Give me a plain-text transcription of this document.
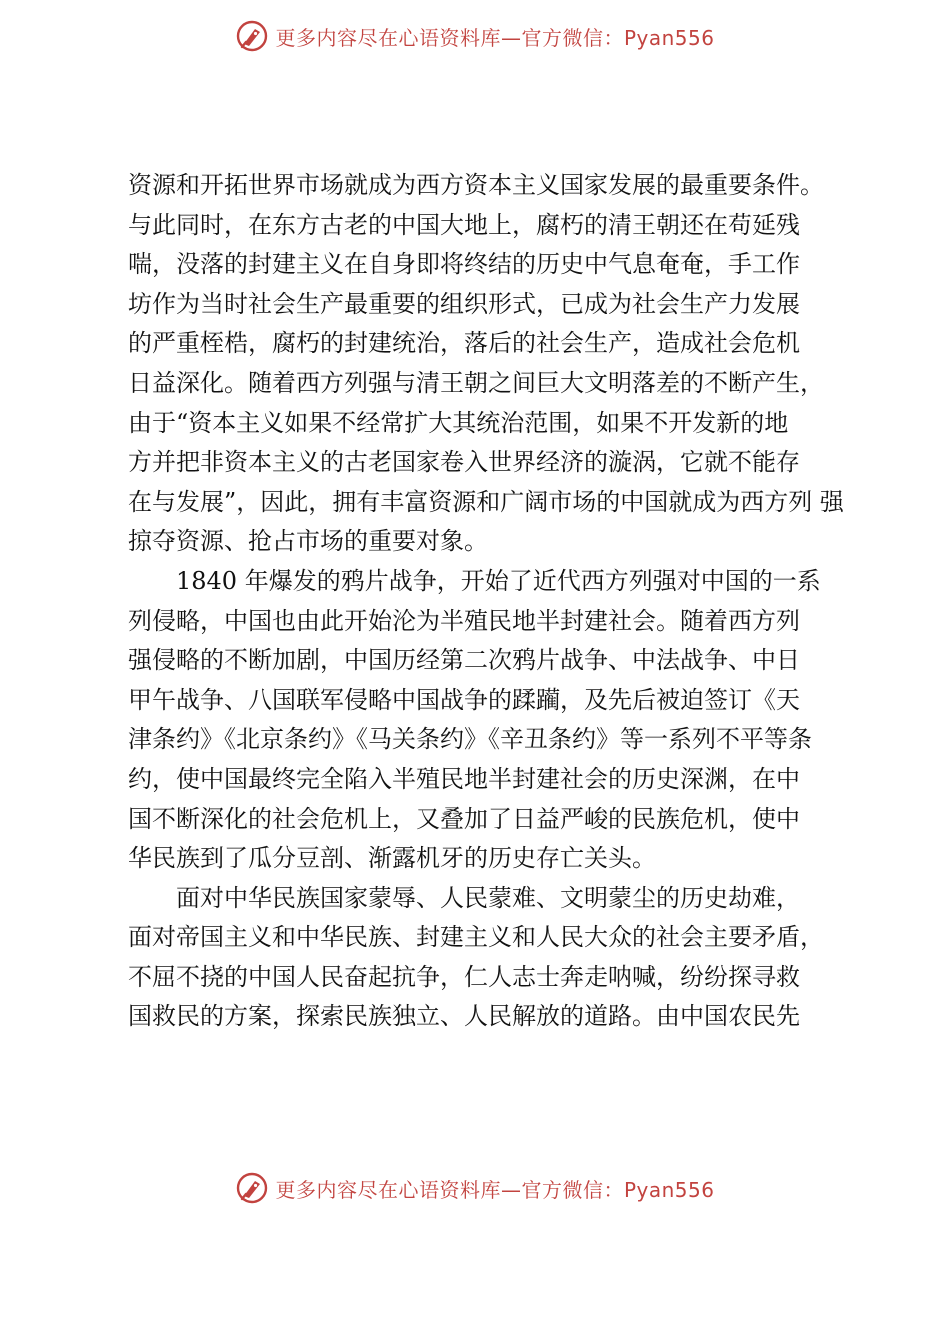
更多内容尽在心语资料库—官方微信：Pyan556
资源和开拓世界市场就成为西方资本主义国家发展的最重要条件。
与此同时，在东方古老的中国大地上，腐朽的清王朝还在苟延残
喘，没落的封建主义在自身即将终结的历史中气息奄奄，手工作
坊作为当时社会生产最重要的组织形式，已成为社会生产力发展
的严重桎梏，腐朽的封建统治，落后的社会生产，造成社会危机
日益深化。随着西方列强与清王朝之间巨大文明落差的不断产生，
由于“资本主义如果不经常扩大其统治范围，如果不开发新的地
方并把非资本主义的古老国家卷入世界经济的漩涡，它就不能存
在与发展”，因此，拥有丰富资源和广阔市场的中国就成为西方列 强
掠夺资源、抢占市场的重要对象。
1840 年爆发的鸦片战争，开始了近代西方列强对中国的一系
列侵略，中国也由此开始沦为半殖民地半封建社会。随着西方列
强侵略的不断加剧，中国历经第二次鸦片战争、中法战争、中日
甲午战争、八国联军侵略中国战争的蹂躏，及先后被迫签订《天
津条约》《北京条约》《马关条约》《辛丑条约》等一系列不平等条
约，使中国最终完全陷入半殖民地半封建社会的历史深渊，在中
国不断深化的社会危机上，又叠加了日益严峻的民族危机，使中
华民族到了瓜分豆剖、渐露机牙的历史存亡关头。
面对中华民族国家蒙辱、人民蒙难、文明蒙尘的历史劫难，
面对帝国主义和中华民族、封建主义和人民大众的社会主要矛盾，
不屈不挠的中国人民奋起抗争，仁人志士奔走呐喊，纷纷探寻救
国救民的方案，探索民族独立、人民解放的道路。由中国农民先
更多内容尽在心语资料库—官方微信：Pyan556
